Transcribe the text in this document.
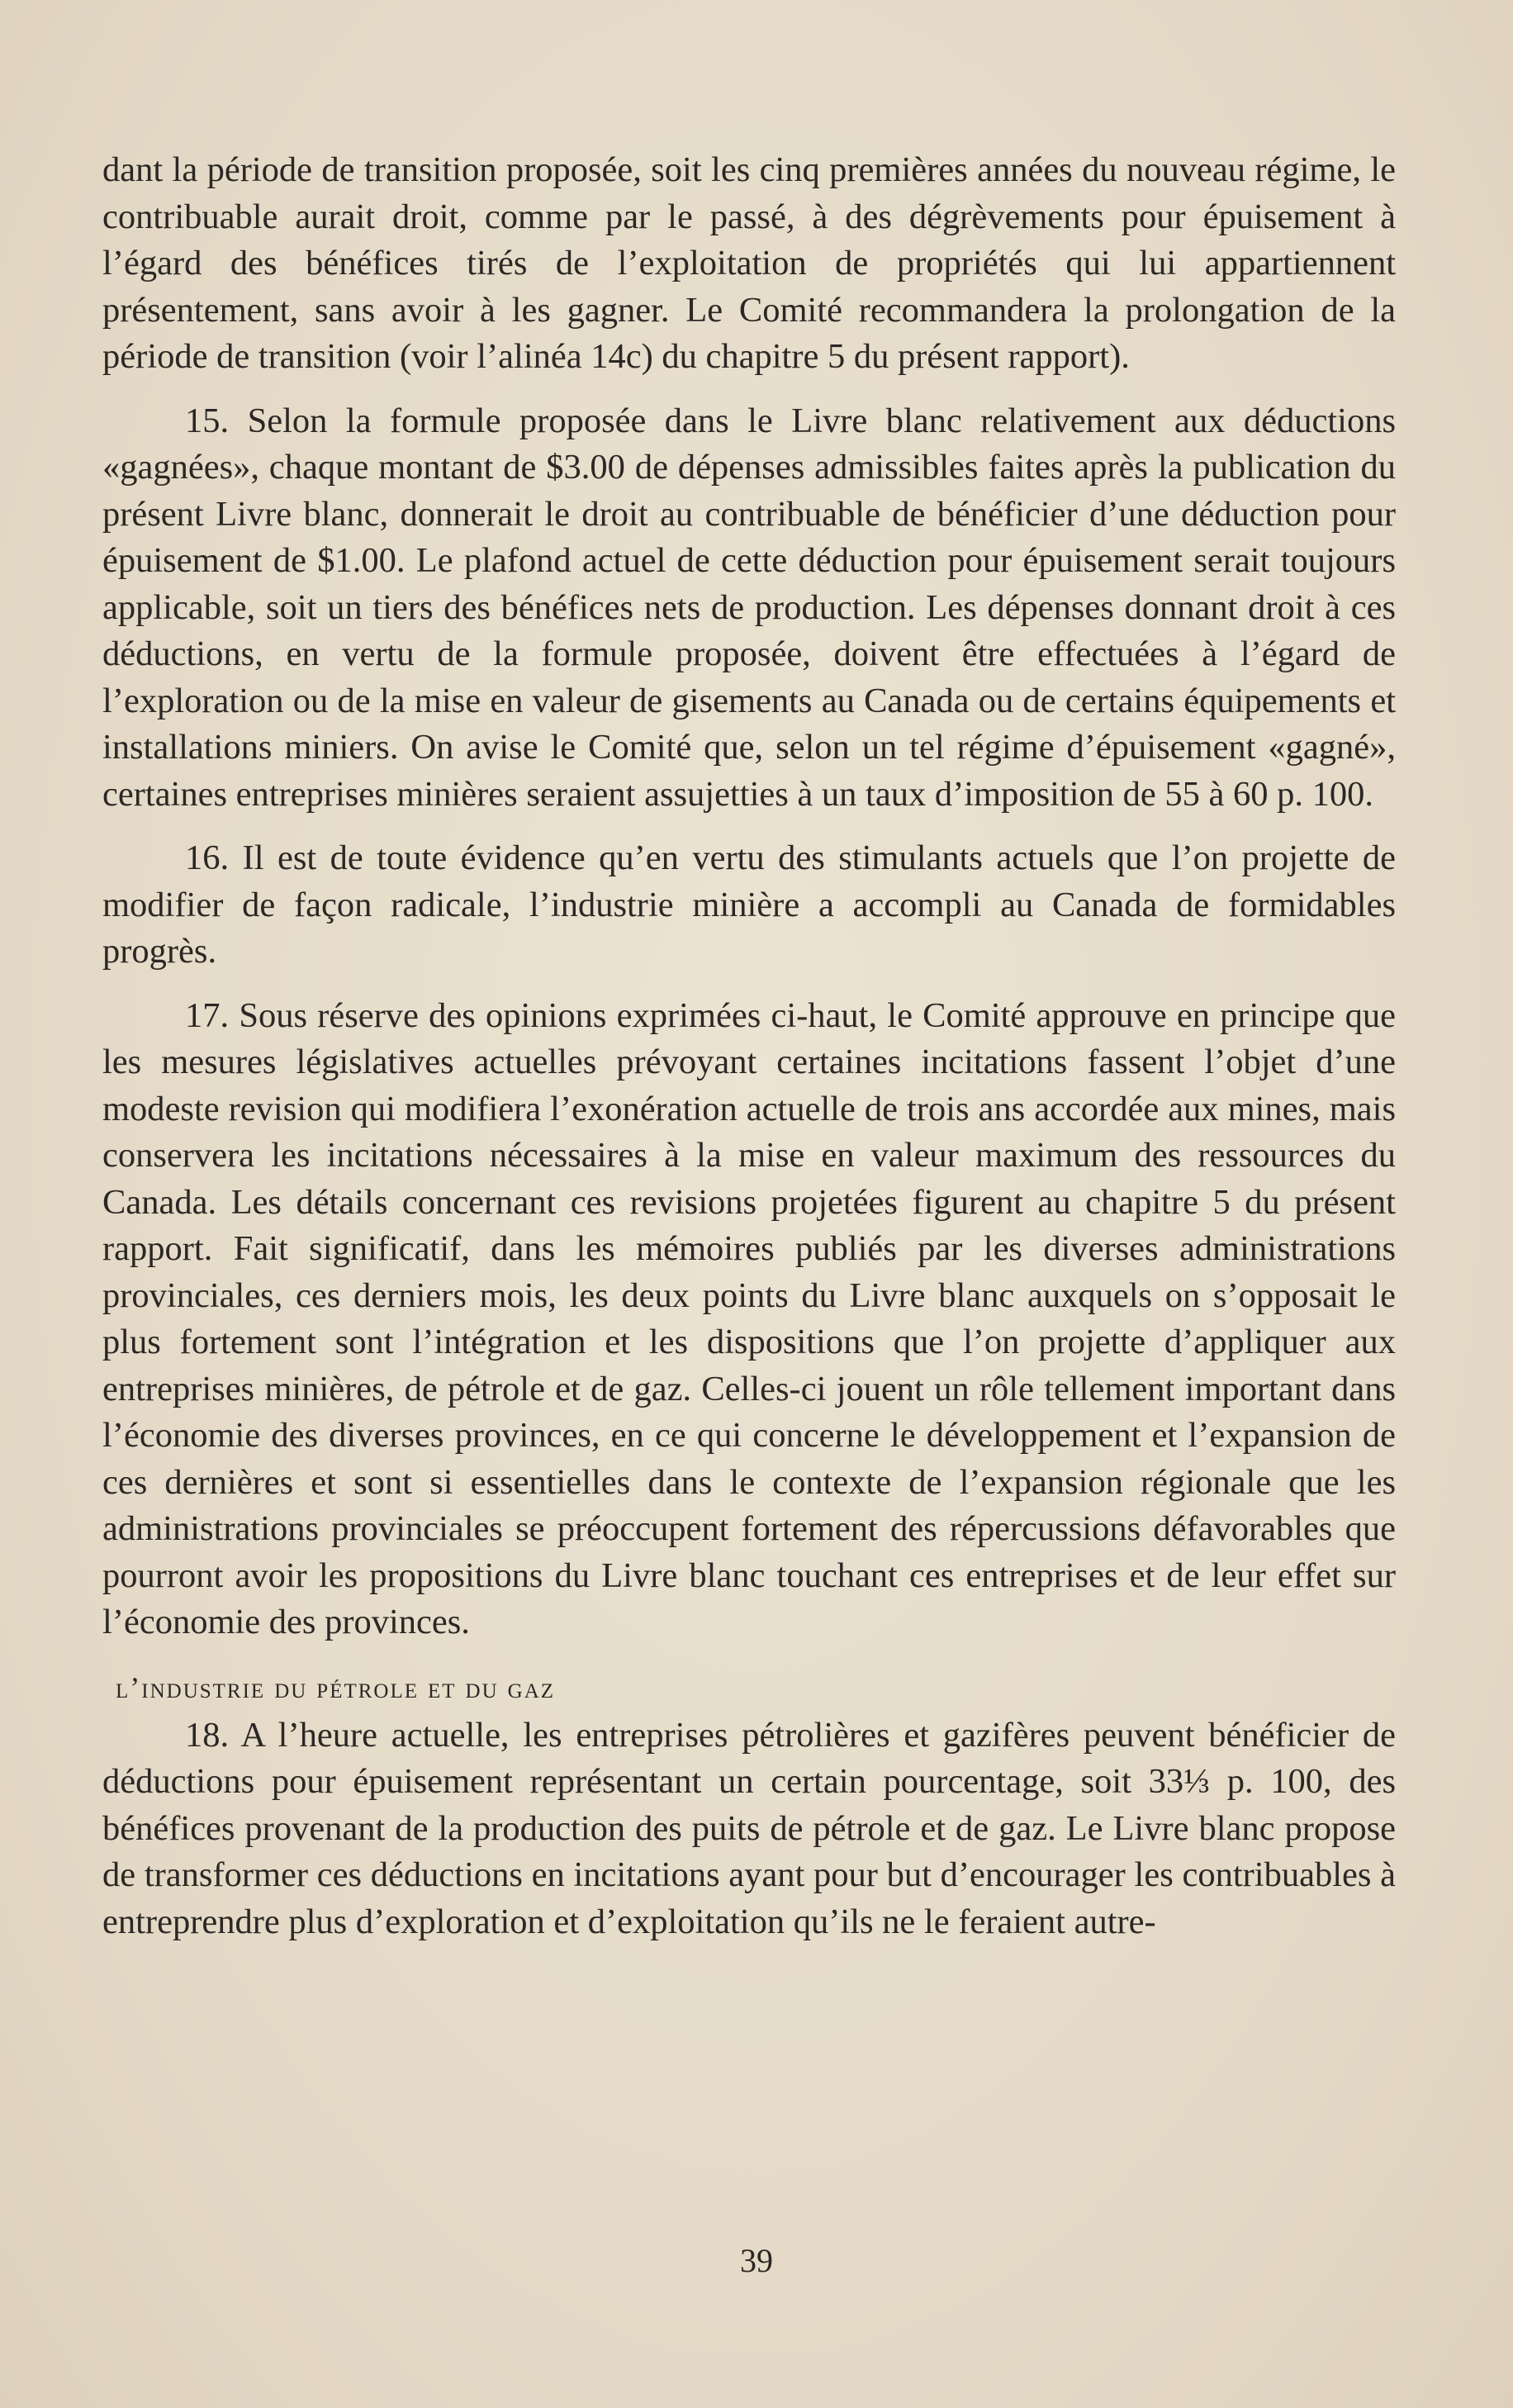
dant la période de transition proposée, soit les cinq premières années du nouveau régime, le contribuable aurait droit, comme par le passé, à des dégrèvements pour épuisement à l’égard des bénéfices tirés de l’exploitation de propriétés qui lui appartiennent présentement, sans avoir à les gagner. Le Comité recommandera la prolongation de la période de transition (voir l’alinéa 14c) du chapitre 5 du présent rapport).

15. Selon la formule proposée dans le Livre blanc relativement aux déductions «gagnées», chaque montant de $3.00 de dépenses admissibles faites après la publication du présent Livre blanc, donnerait le droit au contribuable de bénéficier d’une déduction pour épuisement de $1.00. Le plafond actuel de cette déduction pour épuisement serait toujours applicable, soit un tiers des bénéfices nets de production. Les dépenses donnant droit à ces déductions, en vertu de la formule proposée, doivent être effectuées à l’égard de l’exploration ou de la mise en valeur de gisements au Canada ou de certains équipements et installations miniers. On avise le Comité que, selon un tel régime d’épuisement «gagné», certaines entreprises minières seraient assujetties à un taux d’imposition de 55 à 60 p. 100.

16. Il est de toute évidence qu’en vertu des stimulants actuels que l’on projette de modifier de façon radicale, l’industrie minière a accompli au Canada de formidables progrès.

17. Sous réserve des opinions exprimées ci-haut, le Comité approuve en principe que les mesures législatives actuelles prévoyant certaines incitations fassent l’objet d’une modeste revision qui modifiera l’exonération actuelle de trois ans accordée aux mines, mais conservera les incitations nécessaires à la mise en valeur maximum des ressources du Canada. Les détails concernant ces revisions projetées figurent au chapitre 5 du présent rapport. Fait significatif, dans les mémoires publiés par les diverses administrations provinciales, ces derniers mois, les deux points du Livre blanc auxquels on s’opposait le plus fortement sont l’intégration et les dispositions que l’on projette d’appliquer aux entreprises minières, de pétrole et de gaz. Celles-ci jouent un rôle tellement important dans l’économie des diverses provinces, en ce qui concerne le développement et l’expansion de ces dernières et sont si essentielles dans le contexte de l’expansion régionale que les administrations provinciales se préoccupent fortement des répercussions défavorables que pourront avoir les propositions du Livre blanc touchant ces entreprises et de leur effet sur l’économie des provinces.

l’industrie du pétrole et du gaz

18. A l’heure actuelle, les entreprises pétrolières et gazifères peuvent bénéficier de déductions pour épuisement représentant un certain pourcentage, soit 33⅓ p. 100, des bénéfices provenant de la production des puits de pétrole et de gaz. Le Livre blanc propose de transformer ces déductions en incitations ayant pour but d’encourager les contribuables à entreprendre plus d’exploration et d’exploitation qu’ils ne le feraient autre-

39
